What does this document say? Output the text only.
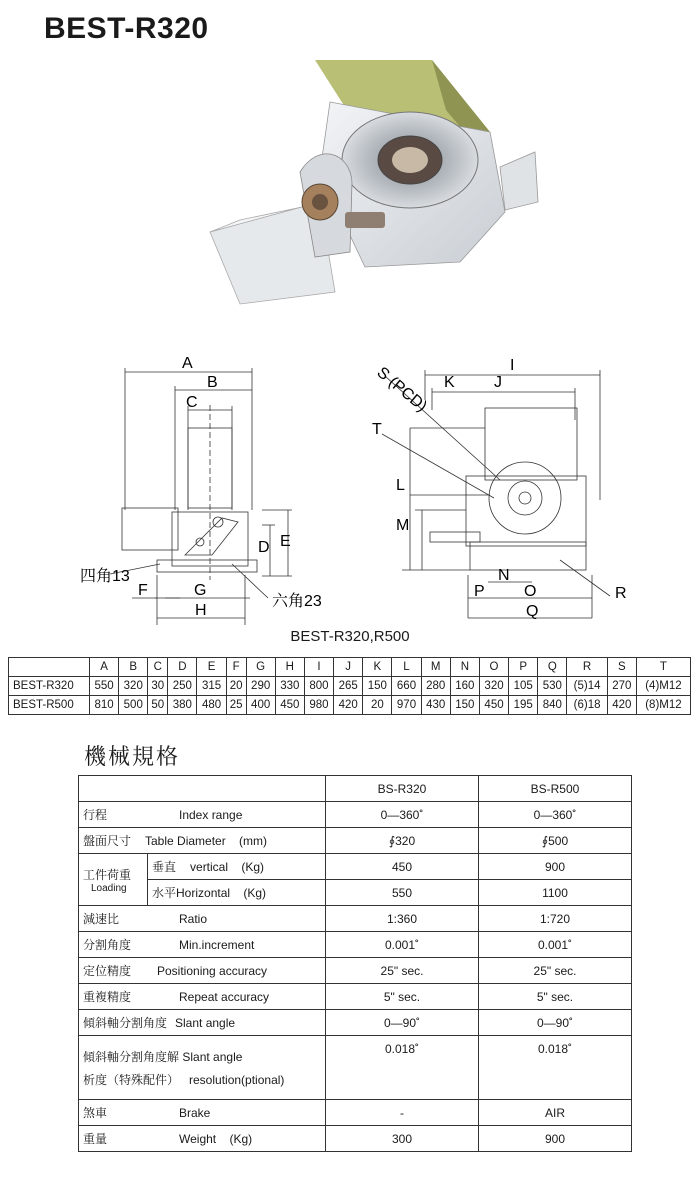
BEST-R320
A
B
C
D E
F	G
H
I
J
K
L
M
N
O
P
Q
R
T
S (PCD)
四角13
六角23
BEST-R320,R500
	A	B	C	D	E	F	G	H	I	J	K	L	M	N	O	P	Q	R	S	T
BEST-R320	550	320	30	250	315	20	290	330	800	265	150	660	280	160	320	105	530	(5)14	270	(4)M12
BEST-R500	810	500	50	380	480	25	400	450	980	420	20	970	430	150	450	195	840	(6)18	420	(8)M12
機械規格
		BS-R320	BS-R500
行程 Index range		0—360˚	0—360˚
盤面尺寸 Table Diameter    (mm)		∮320	∮500

工件荷重
Loading	垂直 vertical    (Kg)	450	900
	水平Horizontal    (Kg)	550	1100
減速比 Ratio		1:360	1:720
分割角度 Min.increment		0.001˚	0.001˚
定位精度 Positioning accuracy		25" sec.	25" sec.
重複精度 Repeat accuracy		5" sec.	5" sec.
傾斜軸分割角度 Slant angle		0—90˚	0—90˚

傾斜軸分割角度解 Slant angle
析度（特殊配件） resolution(ptional)		0.018˚	0.018˚
煞車 Brake		-	AIR
重量 Weight    (Kg)		300	900
